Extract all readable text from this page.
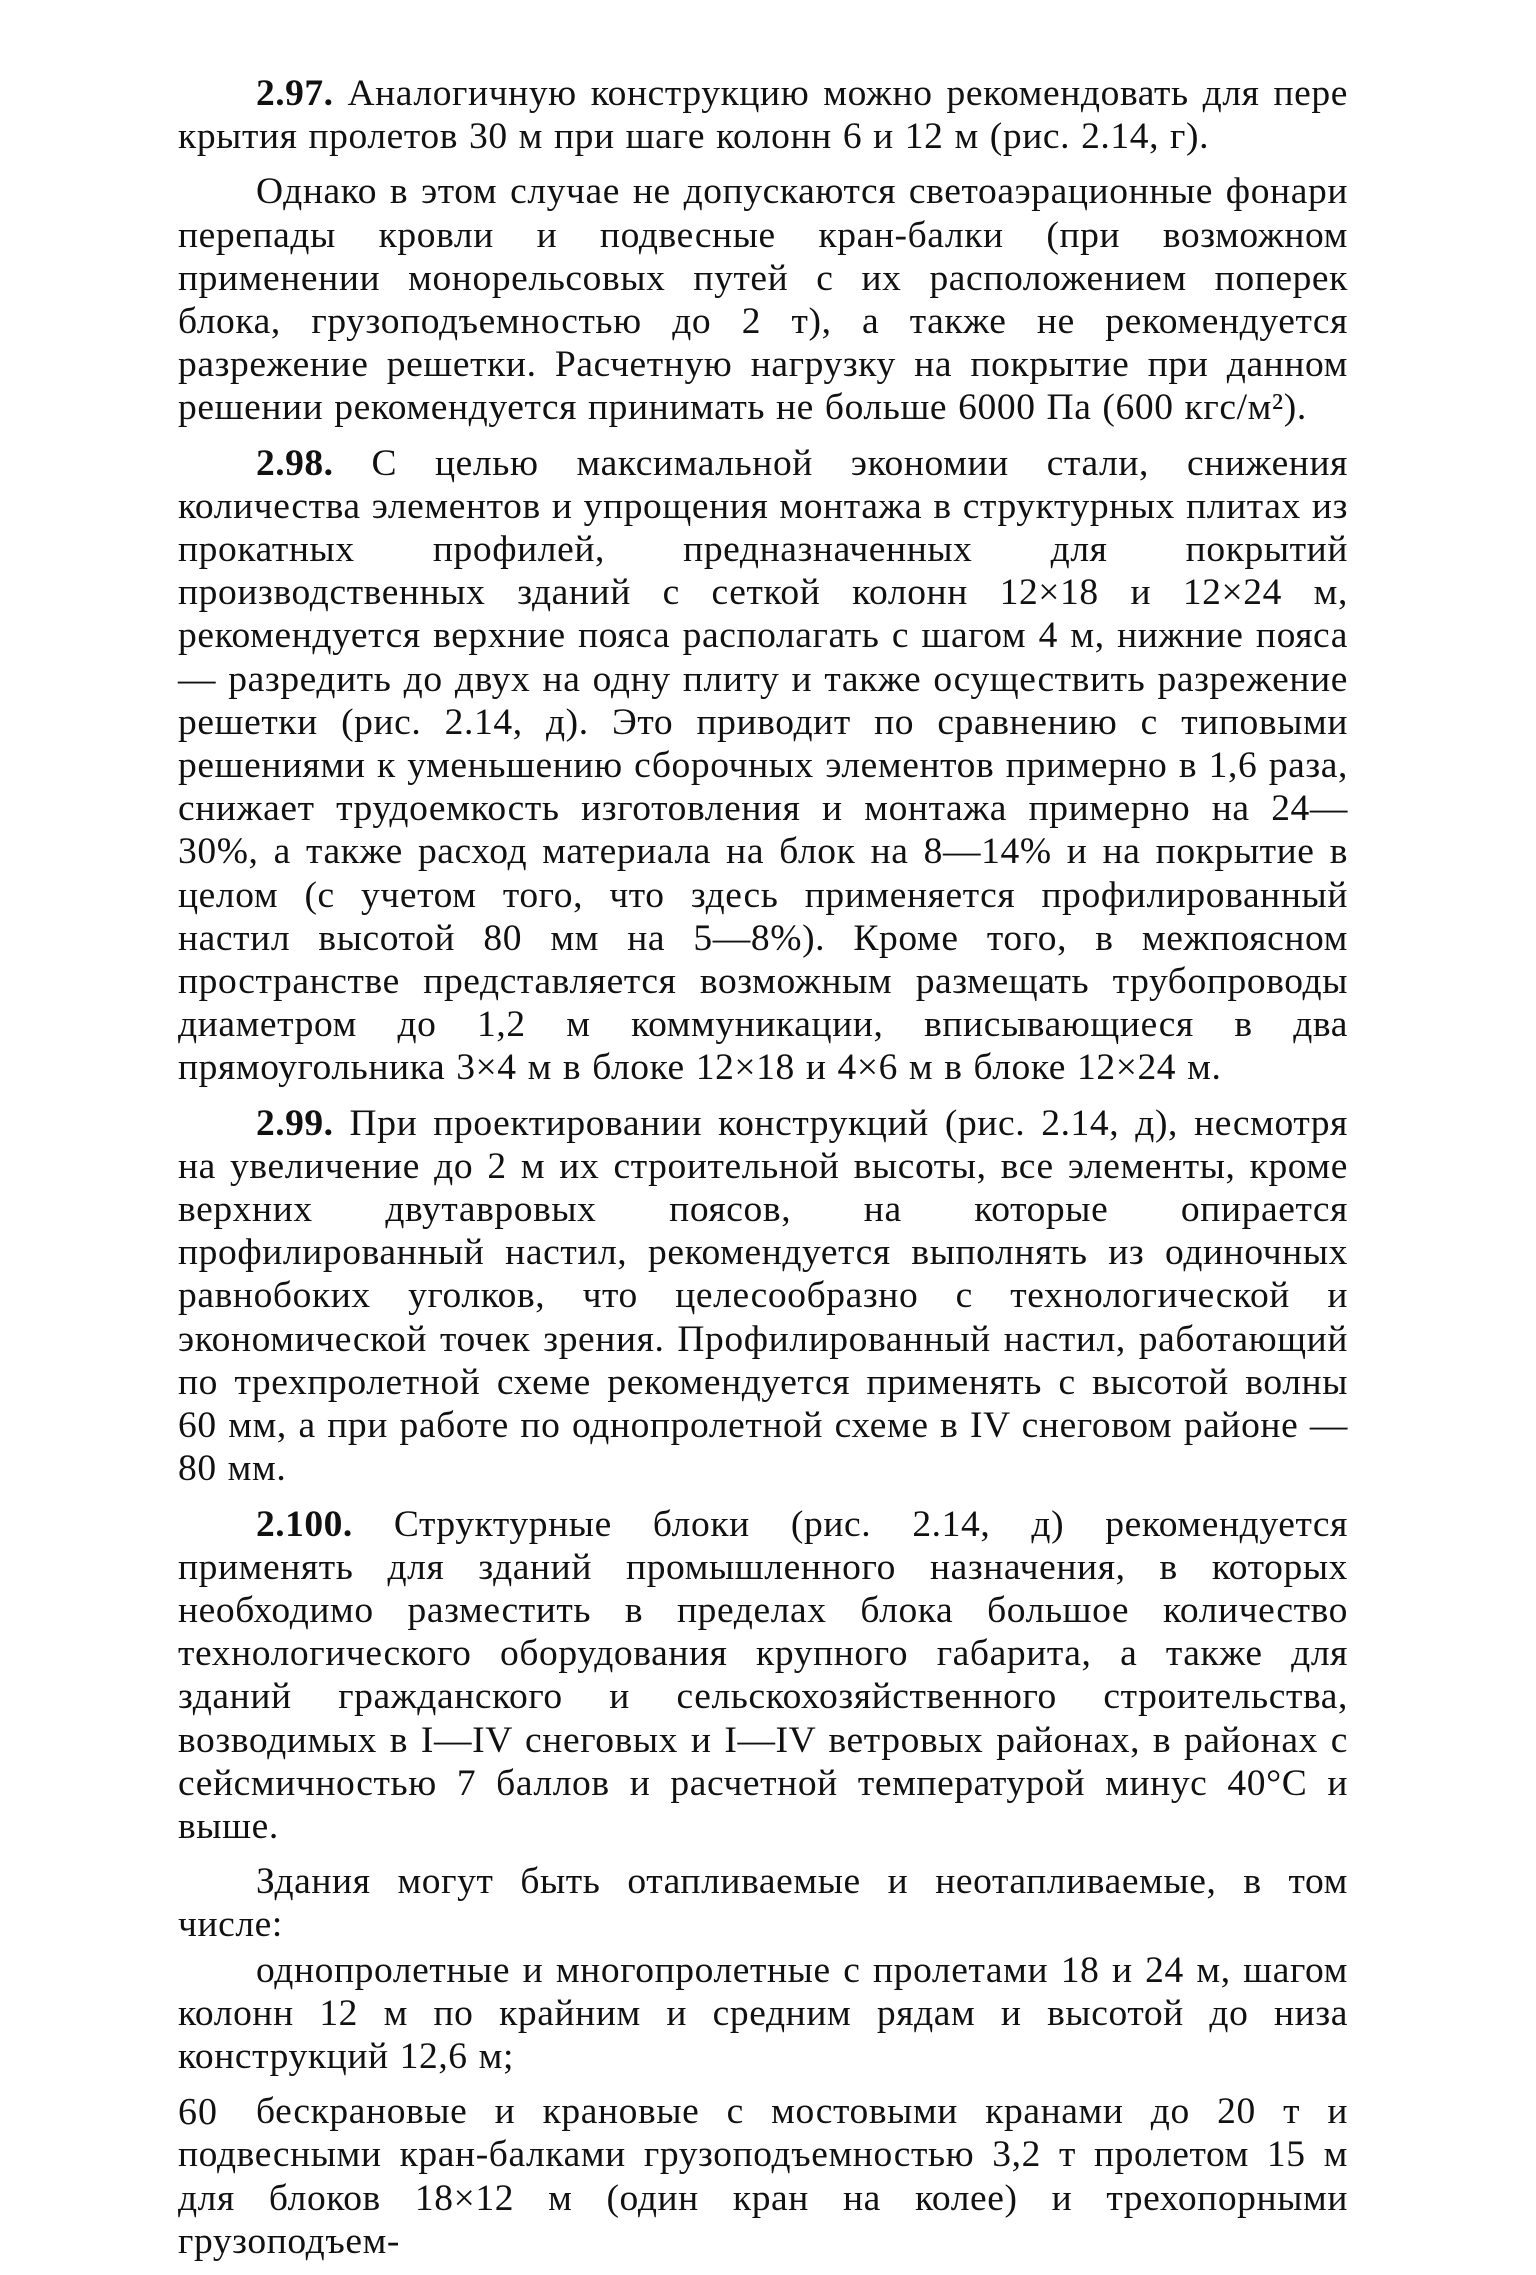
2.97. Аналогичную конструкцию можно рекомендовать для пере крытия пролетов 30 м при шаге колонн 6 и 12 м (рис. 2.14, г).

Однако в этом случае не допускаются светоаэрационные фонари перепады кровли и подвесные кран-балки (при возможном применении монорельсовых путей с их расположением поперек блока, грузоподъемностью до 2 т), а также не рекомендуется разрежение решетки. Расчетную нагрузку на покрытие при данном решении рекомендуется принимать не больше 6000 Па (600 кгс/м²).

2.98. С целью максимальной экономии стали, снижения количества элементов и упрощения монтажа в структурных плитах из прокатных профилей, предназначенных для покрытий производственных зданий с сеткой колонн 12×18 и 12×24 м, рекомендуется верхние пояса располагать с шагом 4 м, нижние пояса — разредить до двух на одну плиту и также осуществить разрежение решетки (рис. 2.14, д). Это приводит по сравнению с типовыми решениями к уменьшению сборочных элементов примерно в 1,6 раза, снижает трудоемкость изготовления и монтажа примерно на 24—30%, а также расход материала на блок на 8—14% и на покрытие в целом (с учетом того, что здесь применяется профилированный настил высотой 80 мм на 5—8%). Кроме того, в межпоясном пространстве представляется возможным размещать трубопроводы диаметром до 1,2 м коммуникации, вписывающиеся в два прямоугольника 3×4 м в блоке 12×18 и 4×6 м в блоке 12×24 м.

2.99. При проектировании конструкций (рис. 2.14, д), несмотря на увеличение до 2 м их строительной высоты, все элементы, кроме верхних двутавровых поясов, на которые опирается профилированный настил, рекомендуется выполнять из одиночных равнобоких уголков, что целесообразно с технологической и экономической точек зрения. Профилированный настил, работающий по трехпролетной схеме рекомендуется применять с высотой волны 60 мм, а при работе по однопролетной схеме в IV снеговом районе — 80 мм.

2.100. Структурные блоки (рис. 2.14, д) рекомендуется применять для зданий промышленного назначения, в которых необходимо разместить в пределах блока большое количество технологического оборудования крупного габарита, а также для зданий гражданского и сельскохозяйственного строительства, возводимых в I—IV снеговых и I—IV ветровых районах, в районах с сейсмичностью 7 баллов и расчетной температурой минус 40°С и выше.

Здания могут быть отапливаемые и неотапливаемые, в том числе:

однопролетные и многопролетные с пролетами 18 и 24 м, шагом колонн 12 м по крайним и средним рядам и высотой до низа конструкций 12,6 м;

бескрановые и крановые с мостовыми кранами до 20 т и подвесными кран-балками грузоподъемностью 3,2 т пролетом 15 м для блоков 18×12 м (один кран на колее) и трехопорными грузоподъем-

60
